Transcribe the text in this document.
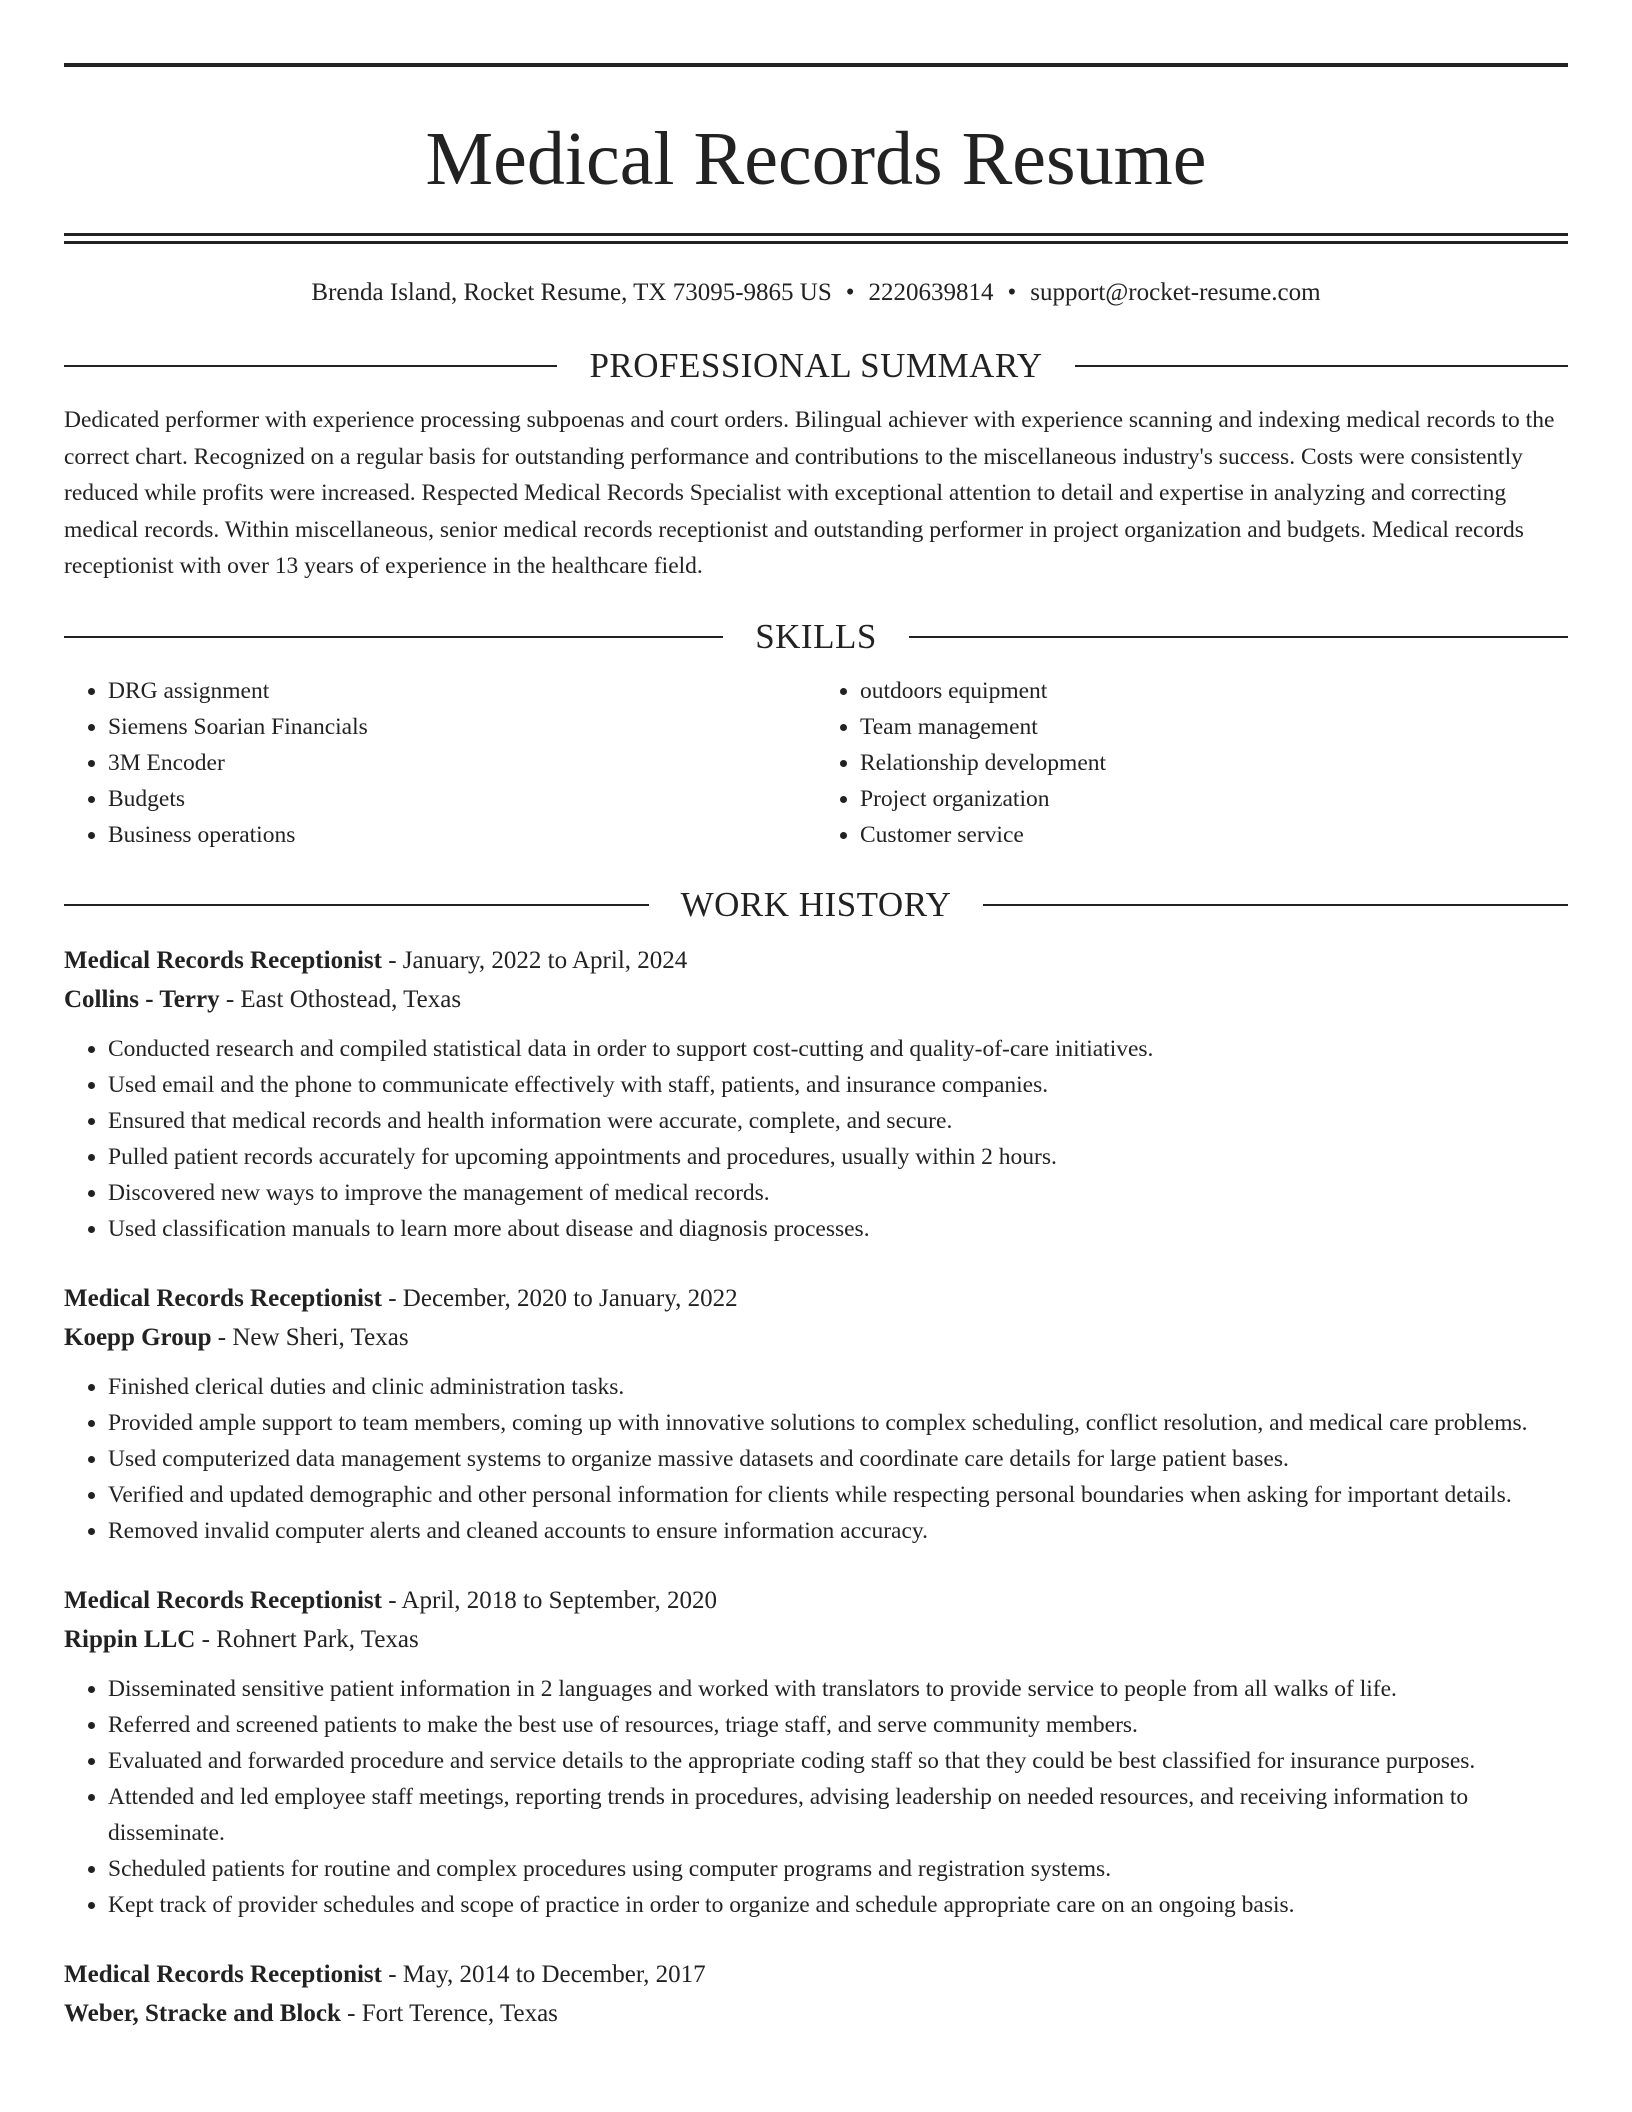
Medical Records Resume
Brenda Island, Rocket Resume, TX 73095-9865 US • 2220639814 • support@rocket-resume.com
PROFESSIONAL SUMMARY
Dedicated performer with experience processing subpoenas and court orders. Bilingual achiever with experience scanning and indexing medical records to the correct chart. Recognized on a regular basis for outstanding performance and contributions to the miscellaneous industry's success. Costs were consistently reduced while profits were increased. Respected Medical Records Specialist with exceptional attention to detail and expertise in analyzing and correcting medical records. Within miscellaneous, senior medical records receptionist and outstanding performer in project organization and budgets. Medical records receptionist with over 13 years of experience in the healthcare field.
SKILLS
• DRG assignment
• Siemens Soarian Financials
• 3M Encoder
• Budgets
• Business operations
• outdoors equipment
• Team management
• Relationship development
• Project organization
• Customer service
WORK HISTORY
Medical Records Receptionist - January, 2022 to April, 2024
Collins - Terry - East Othostead, Texas
• Conducted research and compiled statistical data in order to support cost-cutting and quality-of-care initiatives.
• Used email and the phone to communicate effectively with staff, patients, and insurance companies.
• Ensured that medical records and health information were accurate, complete, and secure.
• Pulled patient records accurately for upcoming appointments and procedures, usually within 2 hours.
• Discovered new ways to improve the management of medical records.
• Used classification manuals to learn more about disease and diagnosis processes.
Medical Records Receptionist - December, 2020 to January, 2022
Koepp Group - New Sheri, Texas
• Finished clerical duties and clinic administration tasks.
• Provided ample support to team members, coming up with innovative solutions to complex scheduling, conflict resolution, and medical care problems.
• Used computerized data management systems to organize massive datasets and coordinate care details for large patient bases.
• Verified and updated demographic and other personal information for clients while respecting personal boundaries when asking for important details.
• Removed invalid computer alerts and cleaned accounts to ensure information accuracy.
Medical Records Receptionist - April, 2018 to September, 2020
Rippin LLC - Rohnert Park, Texas
• Disseminated sensitive patient information in 2 languages and worked with translators to provide service to people from all walks of life.
• Referred and screened patients to make the best use of resources, triage staff, and serve community members.
• Evaluated and forwarded procedure and service details to the appropriate coding staff so that they could be best classified for insurance purposes.
• Attended and led employee staff meetings, reporting trends in procedures, advising leadership on needed resources, and receiving information to disseminate.
• Scheduled patients for routine and complex procedures using computer programs and registration systems.
• Kept track of provider schedules and scope of practice in order to organize and schedule appropriate care on an ongoing basis.
Medical Records Receptionist - May, 2014 to December, 2017
Weber, Stracke and Block - Fort Terence, Texas
